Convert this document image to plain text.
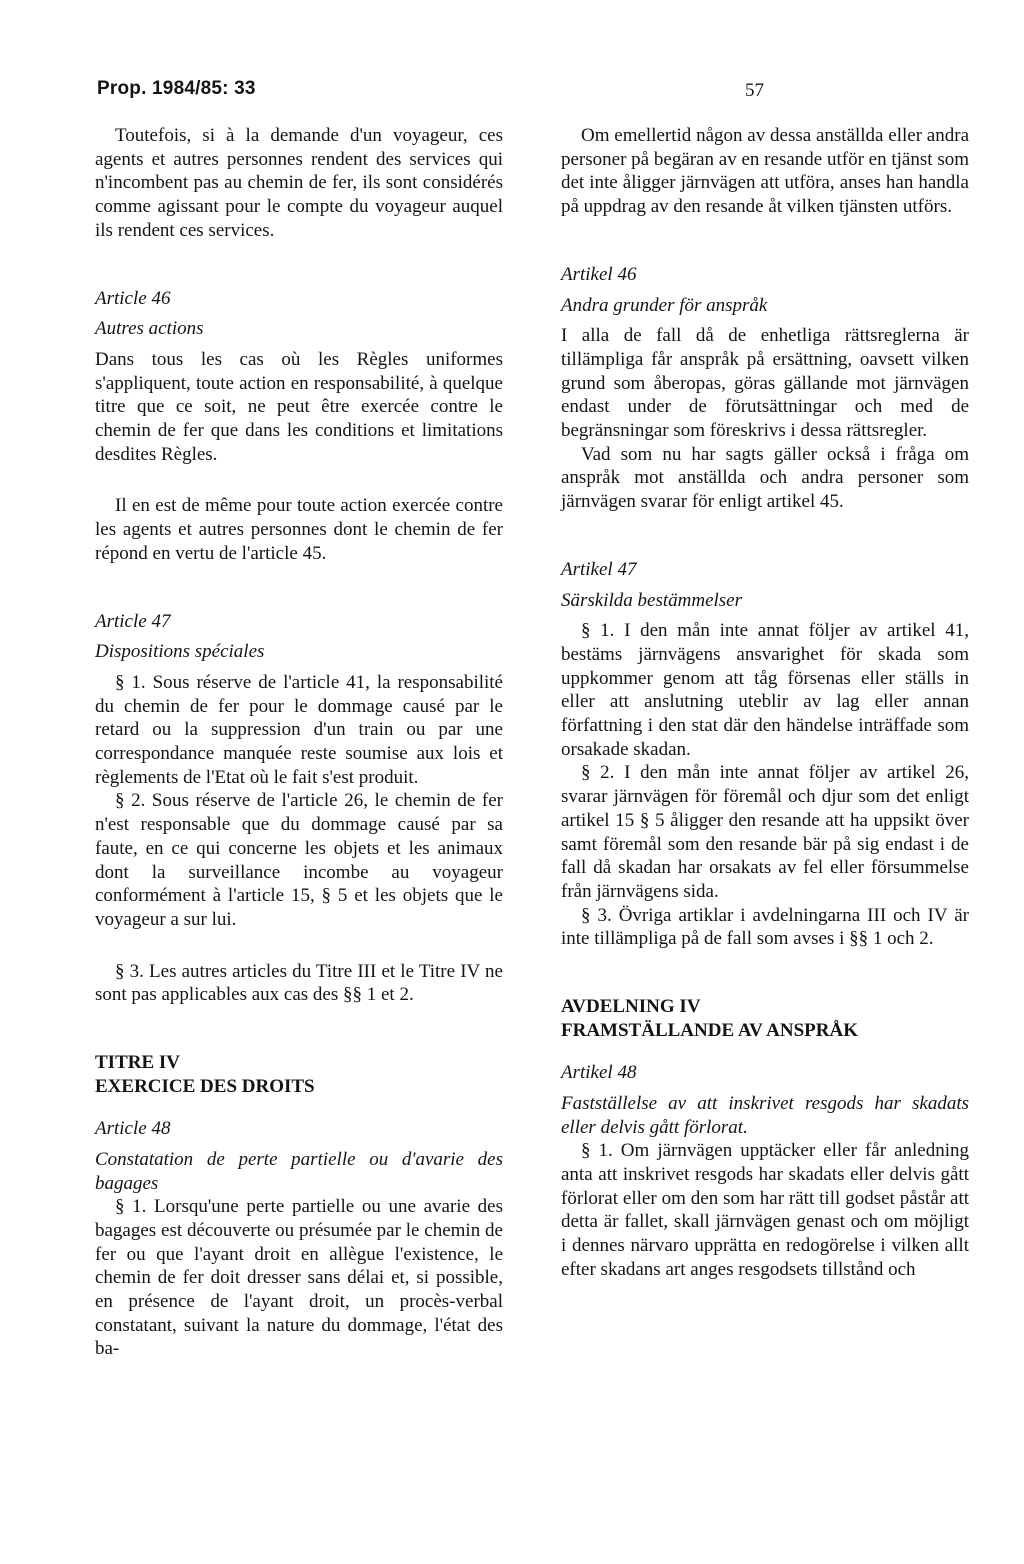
Prop. 1984/85: 33	57

Toutefois, si à la demande d'un voyageur, ces agents et autres personnes rendent des services qui n'incombent pas au chemin de fer, ils sont considérés comme agissant pour le compte du voyageur auquel ils rendent ces services.

Article 46

Autres actions

Dans tous les cas où les Règles uniformes s'appliquent, toute action en responsabilité, à quelque titre que ce soit, ne peut être exercée contre le chemin de fer que dans les conditions et limitations desdites Règles.

Il en est de même pour toute action exercée contre les agents et autres personnes dont le chemin de fer répond en vertu de l'article 45.

Article 47

Dispositions spéciales

§ 1. Sous réserve de l'article 41, la responsabilité du chemin de fer pour le dommage causé par le retard ou la suppression d'un train ou par une correspondance manquée reste soumise aux lois et règlements de l'Etat où le fait s'est produit.

§ 2. Sous réserve de l'article 26, le chemin de fer n'est responsable que du dommage causé par sa faute, en ce qui concerne les objets et les animaux dont la surveillance incombe au voyageur conformément à l'article 15, § 5 et les objets que le voyageur a sur lui.

§ 3. Les autres articles du Titre III et le Titre IV ne sont pas applicables aux cas des §§ 1 et 2.

TITRE IV
EXERCICE DES DROITS

Article 48

Constatation de perte partielle ou d'avarie des bagages

§ 1. Lorsqu'une perte partielle ou une avarie des bagages est découverte ou présumée par le chemin de fer ou que l'ayant droit en allègue l'existence, le chemin de fer doit dresser sans délai et, si possible, en présence de l'ayant droit, un procès-verbal constatant, suivant la nature du dommage, l'état des ba-

Om emellertid någon av dessa anställda eller andra personer på begäran av en resande utför en tjänst som det inte åligger järnvägen att utföra, anses han handla på uppdrag av den resande åt vilken tjänsten utförs.

Artikel 46

Andra grunder för anspråk

I alla de fall då de enhetliga rättsreglerna är tillämpliga får anspråk på ersättning, oavsett vilken grund som åberopas, göras gällande mot järnvägen endast under de förutsättningar och med de begränsningar som föreskrivs i dessa rättsregler.

Vad som nu har sagts gäller också i fråga om anspråk mot anställda och andra personer som järnvägen svarar för enligt artikel 45.

Artikel 47

Särskilda bestämmelser

§ 1. I den mån inte annat följer av artikel 41, bestäms järnvägens ansvarighet för skada som uppkommer genom att tåg försenas eller ställs in eller att anslutning uteblir av lag eller annan författning i den stat där den händelse inträffade som orsakade skadan.

§ 2. I den mån inte annat följer av artikel 26, svarar järnvägen för föremål och djur som det enligt artikel 15 § 5 åligger den resande att ha uppsikt över samt föremål som den resande bär på sig endast i de fall då skadan har orsakats av fel eller försummelse från järnvägens sida.

§ 3. Övriga artiklar i avdelningarna III och IV är inte tillämpliga på de fall som avses i §§ 1 och 2.

AVDELNING IV
FRAMSTÄLLANDE AV ANSPRÅK

Artikel 48

Fastställelse av att inskrivet resgods har skadats eller delvis gått förlorat.

§ 1. Om järnvägen upptäcker eller får anledning anta att inskrivet resgods har skadats eller delvis gått förlorat eller om den som har rätt till godset påstår att detta är fallet, skall järnvägen genast och om möjligt i dennes närvaro upprätta en redogörelse i vilken allt efter skadans art anges resgodsets tillstånd och
